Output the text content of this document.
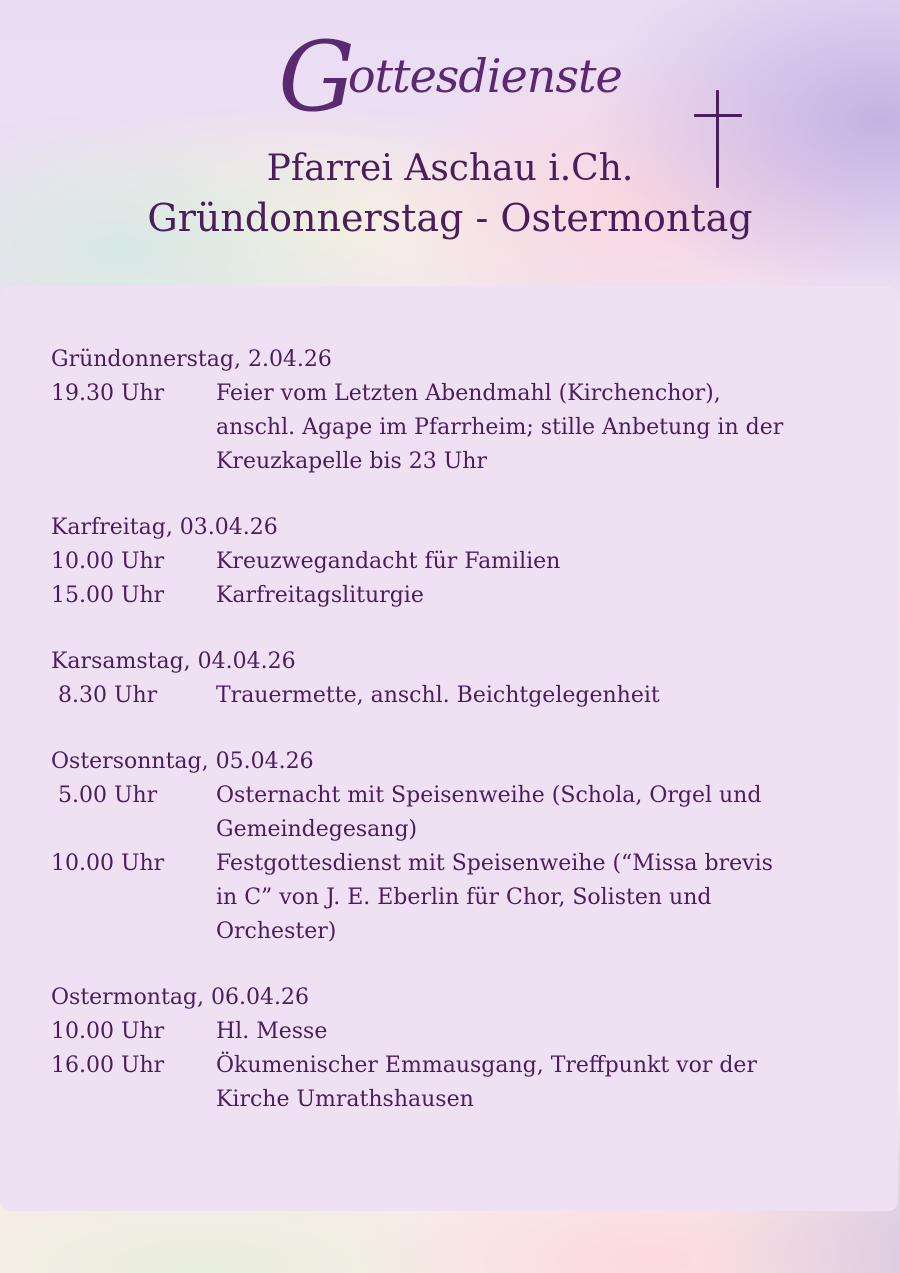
Gottesdienste
Pfarrei Aschau i.Ch.
Gründonnerstag - Ostermontag
Gründonnerstag, 2.04.26
19.30 Uhr	Feier vom Letzten Abendmahl (Kirchenchor),
anschl. Agape im Pfarrheim; stille Anbetung in der
Kreuzkapelle bis 23 Uhr
Karfreitag, 03.04.26
10.00 Uhr	Kreuzwegandacht für Familien
15.00 Uhr	Karfreitagsliturgie
Karsamstag, 04.04.26
8.30 Uhr	Trauermette, anschl. Beichtgelegenheit
Ostersonntag, 05.04.26
5.00 Uhr	Osternacht mit Speisenweihe (Schola, Orgel und
Gemeindegesang)
10.00 Uhr	Festgottesdienst mit Speisenweihe (“Missa brevis
in C” von J. E. Eberlin für Chor, Solisten und
Orchester)
Ostermontag, 06.04.26
10.00 Uhr	Hl. Messe
16.00 Uhr	Ökumenischer Emmausgang, Treffpunkt vor der
Kirche Umrathshausen
